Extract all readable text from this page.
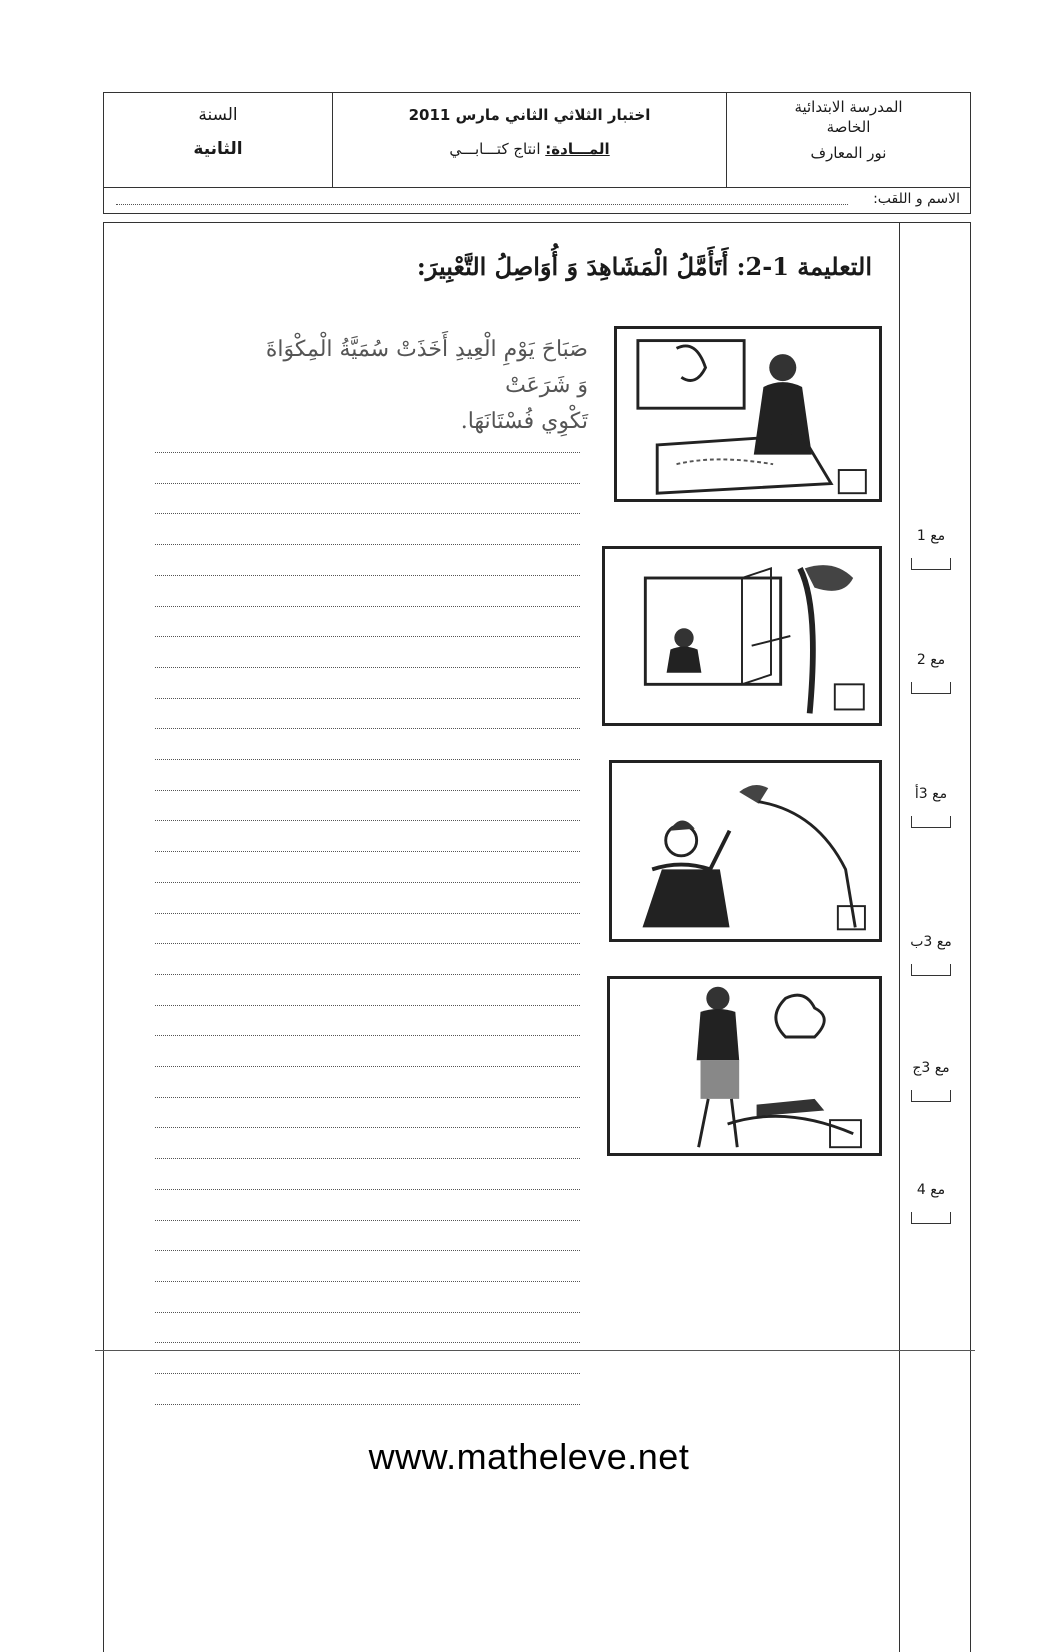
المدرسة الابتدائية
الخاصة
نور المعارف
اختبار الثلاثي الثاني مارس 2011
المـــادة: انتاج كتـــابـــي
السنة
الثانية
الاسم و اللقب:
التعليمة 1-2: أَتَأَمَّلُ الْمَشَاهِدَ وَ أُوَاصِلُ التَّعْبِيرَ:
صَبَاحَ يَوْمِ الْعِيدِ أَخَذَتْ سُمَيَّةُ الْمِكْوَاةَ وَ شَرَعَتْ
تَكْوِي فُسْتَانَهَا.
مع 1
مع 2
مع 3أ
مع 3ب
مع 3ج
مع 4
www.matheleve.net
